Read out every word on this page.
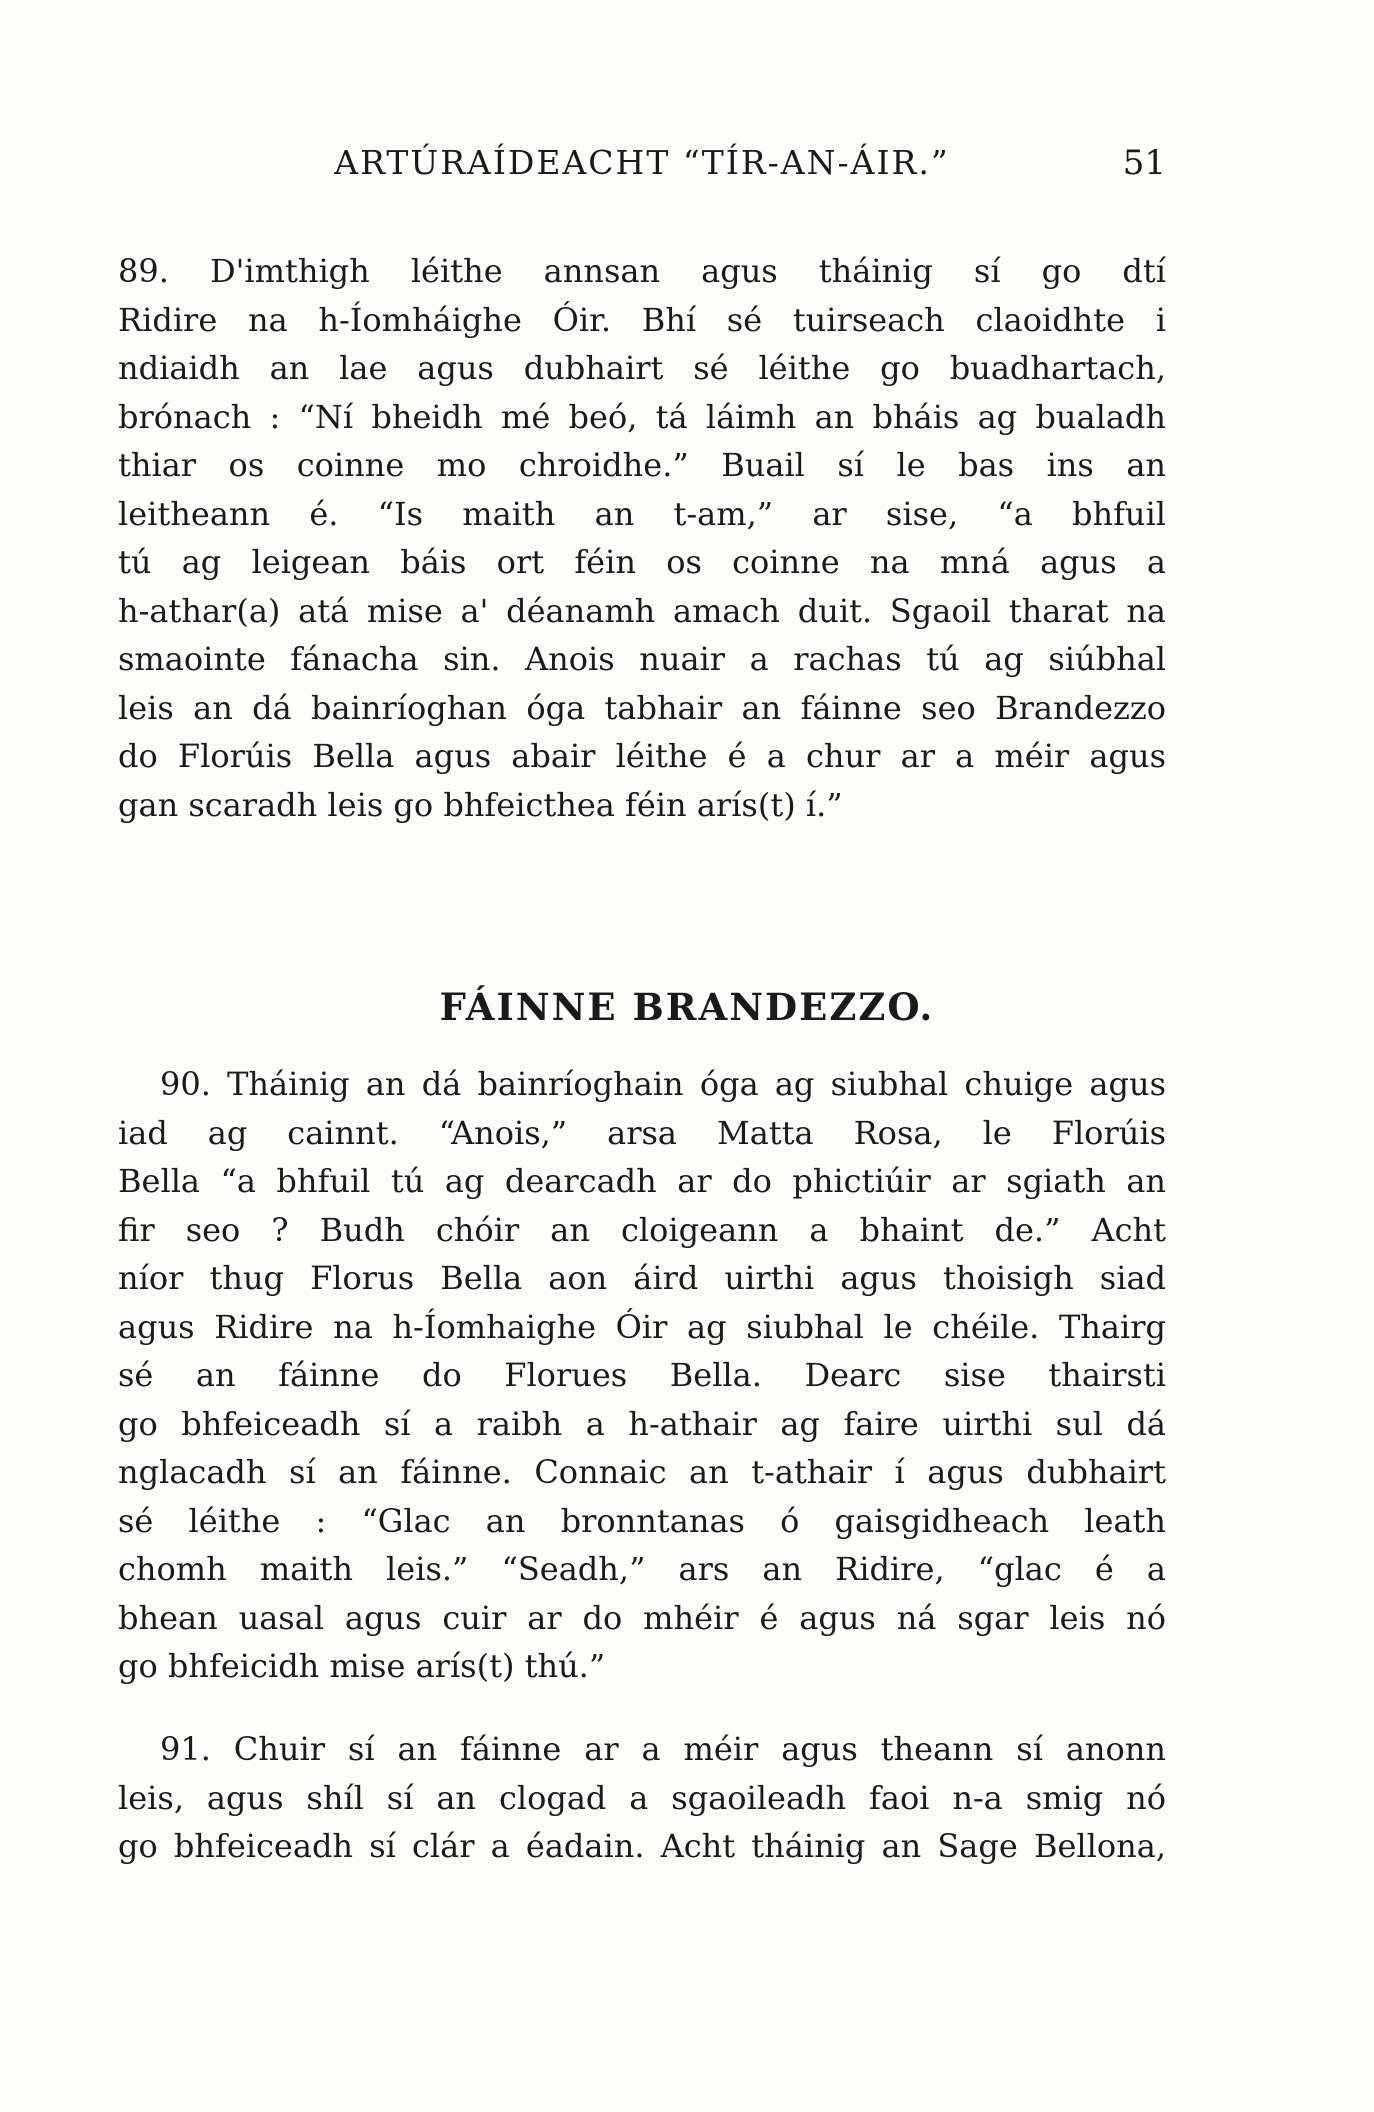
ARTÚRAÍDEACHT “TÍR-AN-ÁIR.”	51
89. D'imthigh léithe annsan agus tháinig sí go dtí
Ridire na h-Íomháighe Óir. Bhí sé tuirseach claoidhte i
ndiaidh an lae agus dubhairt sé léithe go buadhartach,
brónach : “Ní bheidh mé beó, tá láimh an bháis ag bualadh
thiar os coinne mo chroidhe.” Buail sí le bas ins an
leitheann é. “Is maith an t-am,” ar sise, “a bhfuil
tú ag leigean báis ort féin os coinne na mná agus a
h-athar(a) atá mise a' déanamh amach duit. Sgaoil tharat na
smaointe fánacha sin. Anois nuair a rachas tú ag siúbhal
leis an dá bainríoghan óga tabhair an fáinne seo Brandezzo
do Florúis Bella agus abair léithe é a chur ar a méir agus
gan scaradh leis go bhfeicthea féin arís(t) í.”
FÁINNE BRANDEZZO.
90. Tháinig an dá bainríoghain óga ag siubhal chuige agus
iad ag cainnt. “Anois,” arsa Matta Rosa, le Florúis
Bella “a bhfuil tú ag dearcadh ar do phictiúir ar sgiath an
fir seo ? Budh chóir an cloigeann a bhaint de.” Acht
níor thug Florus Bella aon áird uirthi agus thoisigh siad
agus Ridire na h-Íomhaighe Óir ag siubhal le chéile. Thairg
sé an fáinne do Florues Bella. Dearc sise thairsti
go bhfeiceadh sí a raibh a h-athair ag faire uirthi sul dá
nglacadh sí an fáinne. Connaic an t-athair í agus dubhairt
sé léithe : “Glac an bronntanas ó gaisgidheach leath
chomh maith leis.” “Seadh,” ars an Ridire, “glac é a
bhean uasal agus cuir ar do mhéir é agus ná sgar leis nó
go bhfeicidh mise arís(t) thú.”
91. Chuir sí an fáinne ar a méir agus theann sí anonn
leis, agus shíl sí an clogad a sgaoileadh faoi n-a smig nó
go bhfeiceadh sí clár a éadain. Acht tháinig an Sage Bellona,
